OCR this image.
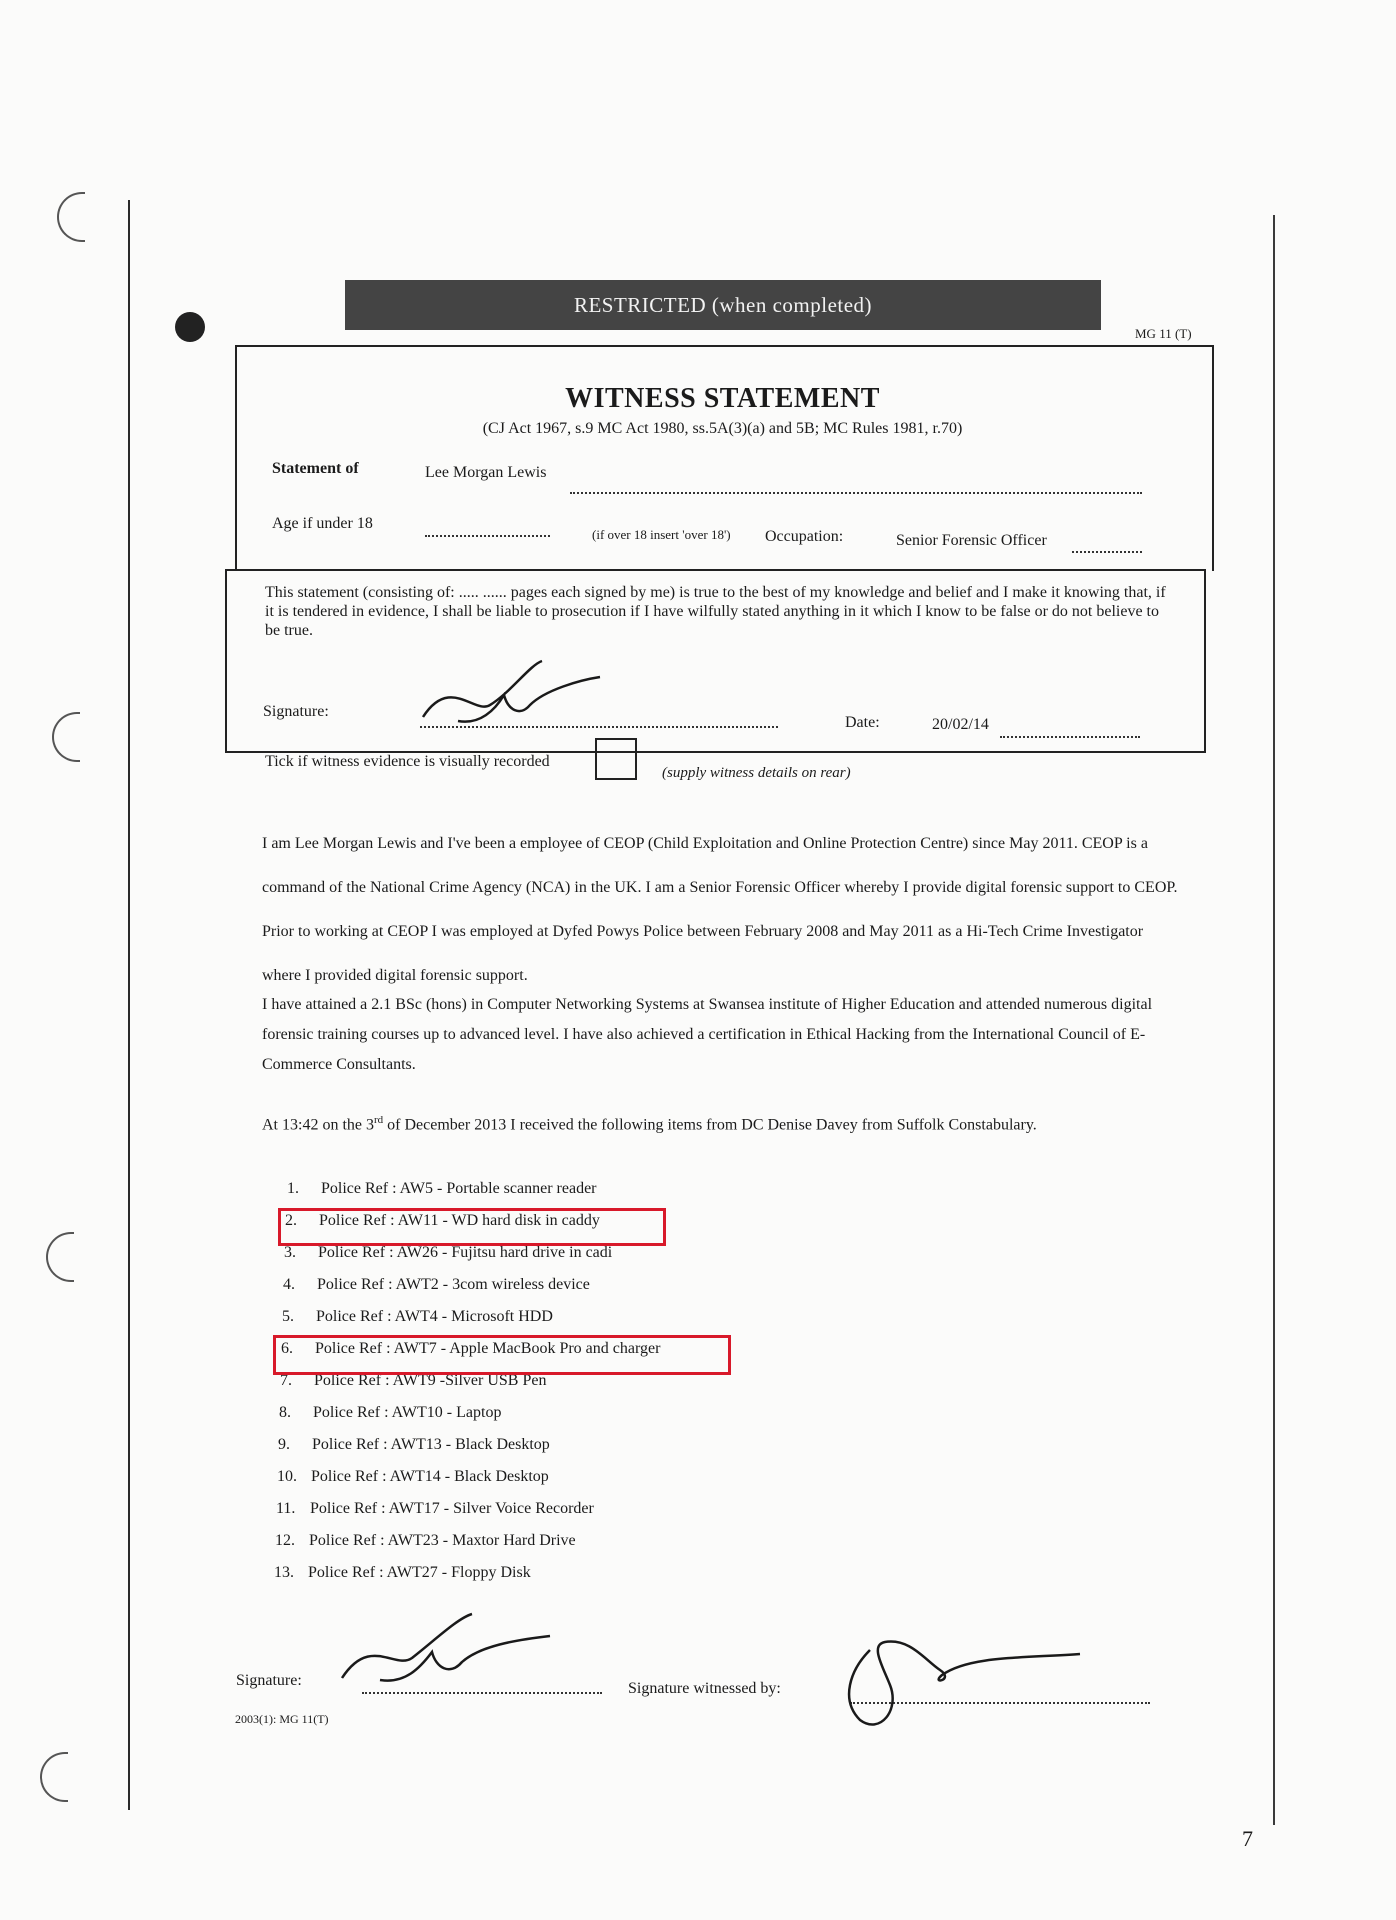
RESTRICTED (when completed)
MG 11 (T)
WITNESS STATEMENT
(CJ Act 1967, s.9 MC Act 1980, ss.5A(3)(a) and 5B; MC Rules 1981, r.70)
Statement of	Lee Morgan Lewis
Age if under 18
(if over 18 insert 'over 18') Occupation:	Senior Forensic Officer
This statement (consisting of: ..... ...... pages each signed by me) is true to the best of my knowledge and belief and I make it knowing that, if it is tendered in evidence, I shall be liable to prosecution if I have wilfully stated anything in it which I know to be false or do not believe to be true.
Signature:
Date:	20/02/14
Tick if witness evidence is visually recorded
(supply witness details on rear)
I am Lee Morgan Lewis and I've been a employee of CEOP (Child Exploitation and Online Protection Centre) since May 2011. CEOP is a command of the National Crime Agency (NCA) in the UK. I am a Senior Forensic Officer whereby I provide digital forensic support to CEOP. Prior to working at CEOP I was employed at Dyfed Powys Police between February 2008 and May 2011 as a Hi-Tech Crime Investigator where I provided digital forensic support.
I have attained a 2.1 BSc (hons) in Computer Networking Systems at Swansea institute of Higher Education and attended numerous digital forensic training courses up to advanced level. I have also achieved a certification in Ethical Hacking from the International Council of E-Commerce Consultants.
At 13:42 on the 3rd of December 2013 I received the following items from DC Denise Davey from Suffolk Constabulary.
1. Police Ref : AW5 - Portable scanner reader
2. Police Ref : AW11 - WD hard disk in caddy
3. Police Ref : AW26 - Fujitsu hard drive in cadi
4. Police Ref : AWT2 - 3com wireless device
5. Police Ref : AWT4 - Microsoft HDD
6. Police Ref : AWT7 - Apple MacBook Pro and charger
7. Police Ref : AWT9 -Silver USB Pen
8. Police Ref : AWT10 - Laptop
9. Police Ref : AWT13 - Black Desktop
10. Police Ref : AWT14 - Black Desktop
11. Police Ref : AWT17 - Silver Voice Recorder
12. Police Ref : AWT23 - Maxtor Hard Drive
13. Police Ref : AWT27 - Floppy Disk
Signature:	Signature witnessed by:
2003(1): MG 11(T)
7
